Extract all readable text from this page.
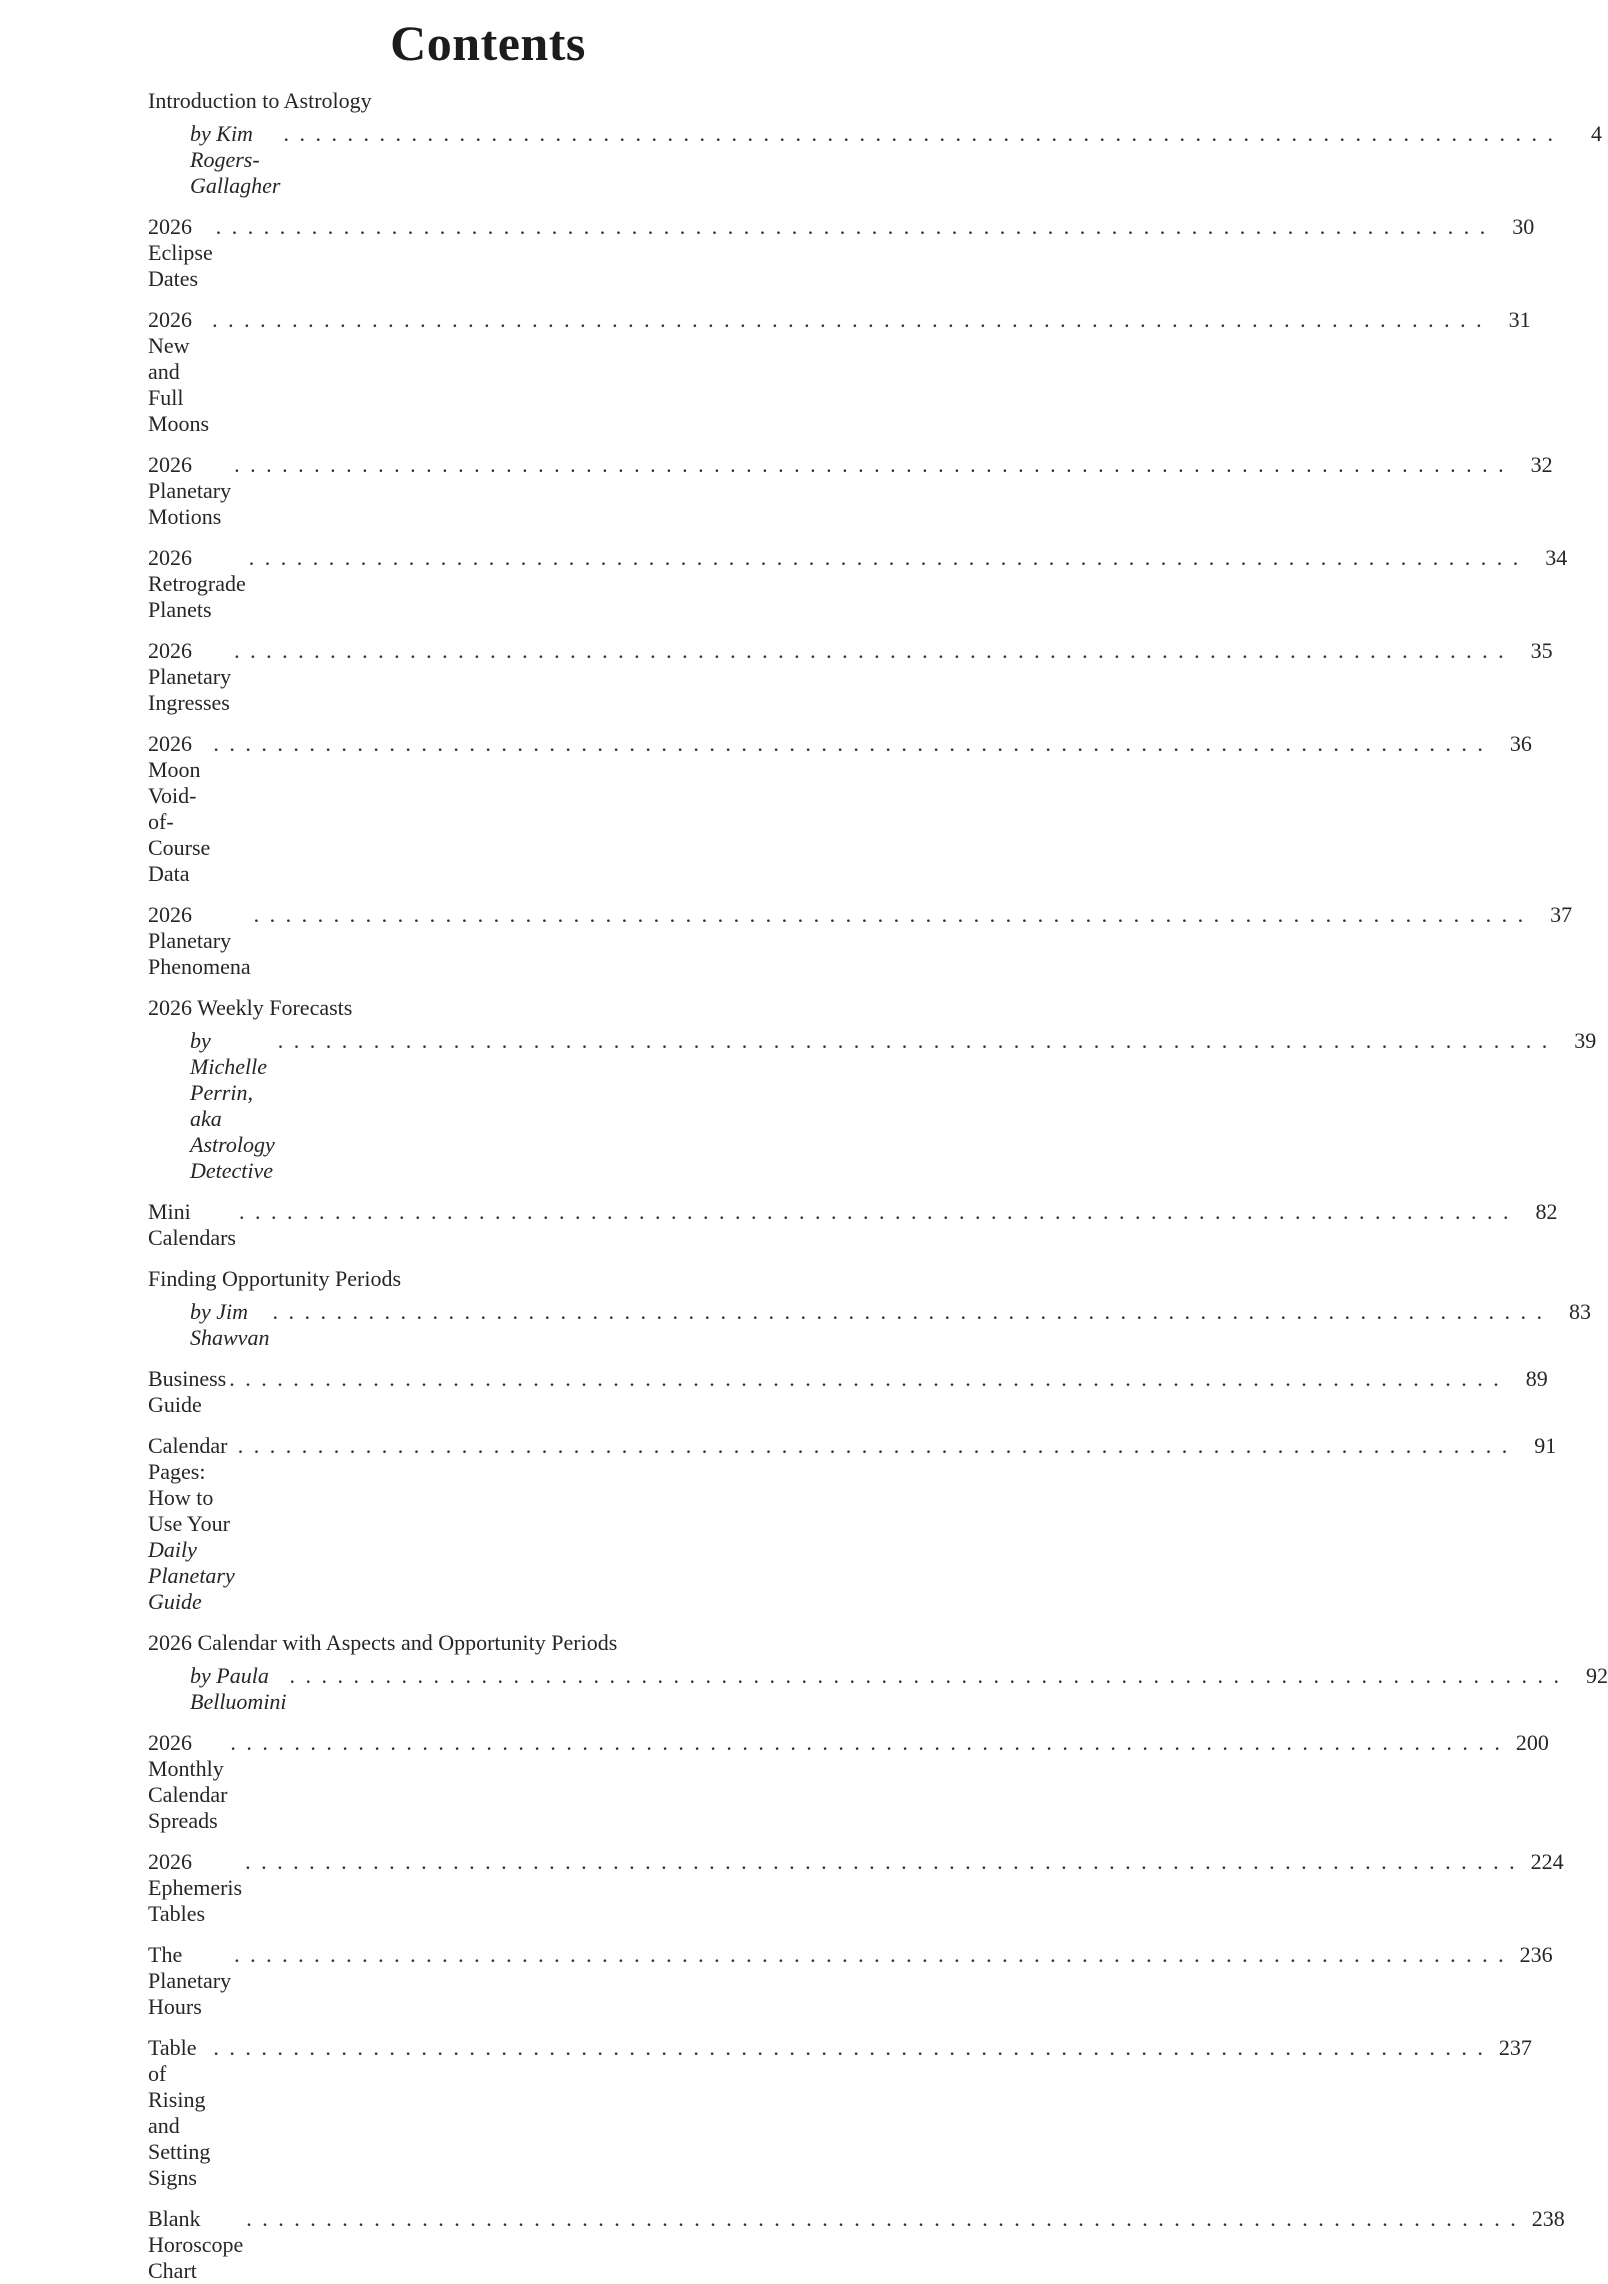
Contents
Introduction to Astrology
by Kim Rogers-Gallagher
. . .
4
2026 Eclipse Dates
. . .
30
2026 New and Full Moons
. . .
31
2026 Planetary Motions
. . .
32
2026 Retrograde Planets
. . .
34
2026 Planetary Ingresses
. . .
35
2026 Moon Void-of-Course Data
. . .
36
2026 Planetary Phenomena
. . .
37
2026 Weekly Forecasts
by Michelle Perrin, aka Astrology Detective
. . .
39
Mini Calendars
. . .
82
Finding Opportunity Periods
by Jim Shawvan
. . .
83
Business Guide
. . .
89
Calendar Pages: How to Use Your Daily Planetary Guide
. . .
91
2026 Calendar with Aspects and Opportunity Periods
by Paula Belluomini
. . .
92
2026 Monthly Calendar Spreads
. . .
200
2026 Ephemeris Tables
. . .
224
The Planetary Hours
. . .
236
Table of Rising and Setting Signs
. . .
237
Blank Horoscope Chart
. . .
238
